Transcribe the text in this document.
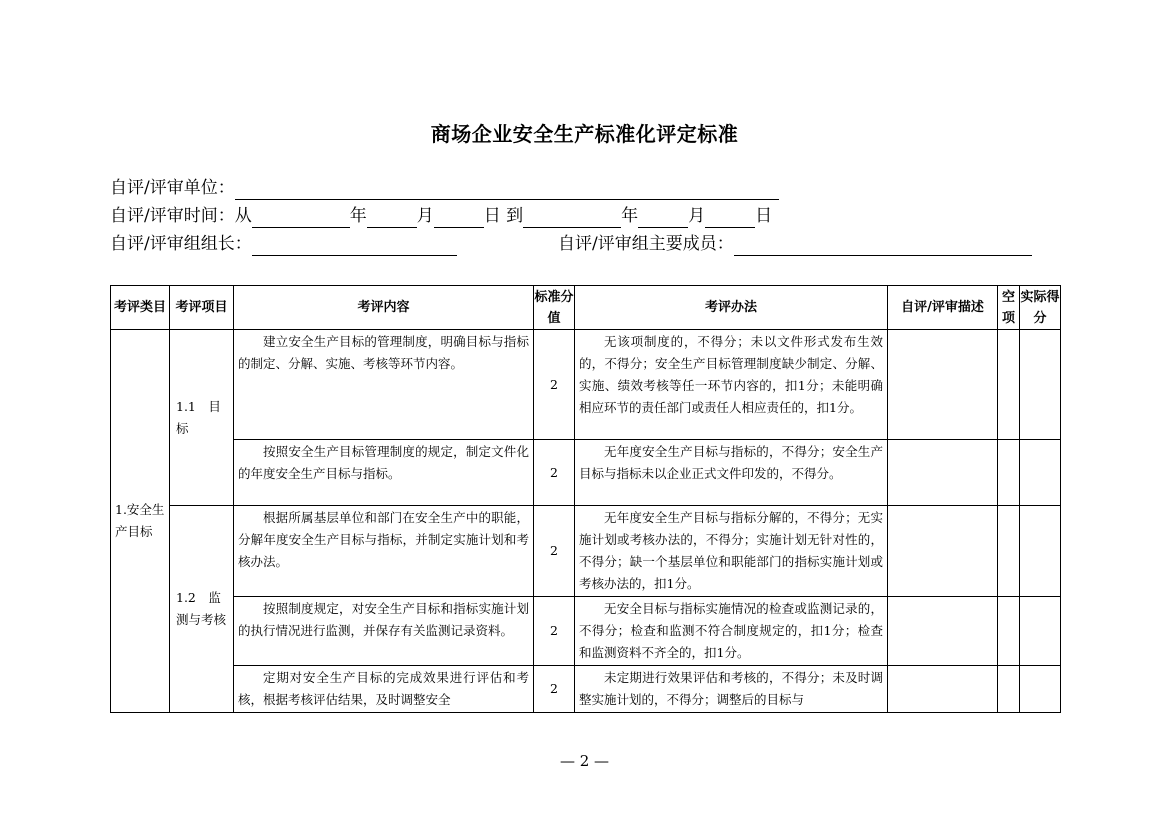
商场企业安全生产标准化评定标准
自评/评审单位：
自评/评审时间：从	年	月	日 到	年	月	日
自评/评审组组长：	自评/评审组主要成员：
考评类目	考评项目	考评内容	标准分值	考评办法	自评/评审描述	空项	实际得分
1.安全生产目标	1.1　目标	建立安全生产目标的管理制度，明确目标与指标的制定、分解、实施、考核等环节内容。	2	无该项制度的，不得分；未以文件形式发布生效的，不得分；安全生产目标管理制度缺少制定、分解、实施、绩效考核等任一环节内容的，扣1分；未能明确相应环节的责任部门或责任人相应责任的，扣1分。			
		按照安全生产目标管理制度的规定，制定文件化的年度安全生产目标与指标。	2	无年度安全生产目标与指标的，不得分；安全生产目标与指标未以企业正式文件印发的，不得分。			
	1.2　监测与考核	根据所属基层单位和部门在安全生产中的职能，分解年度安全生产目标与指标，并制定实施计划和考核办法。	2	无年度安全生产目标与指标分解的，不得分；无实施计划或考核办法的，不得分；实施计划无针对性的，不得分；缺一个基层单位和职能部门的指标实施计划或考核办法的，扣1分。			
		按照制度规定，对安全生产目标和指标实施计划的执行情况进行监测，并保存有关监测记录资料。	2	无安全目标与指标实施情况的检查或监测记录的，不得分；检查和监测不符合制度规定的，扣1分；检查和监测资料不齐全的，扣1分。			

		定期对安全生产目标的完成效果进行评估和考核，根据考核评估结果，及时调整安全	2	未定期进行效果评估和考核的，不得分；未及时调整实施计划的，不得分；调整后的目标与			

— 2 —
